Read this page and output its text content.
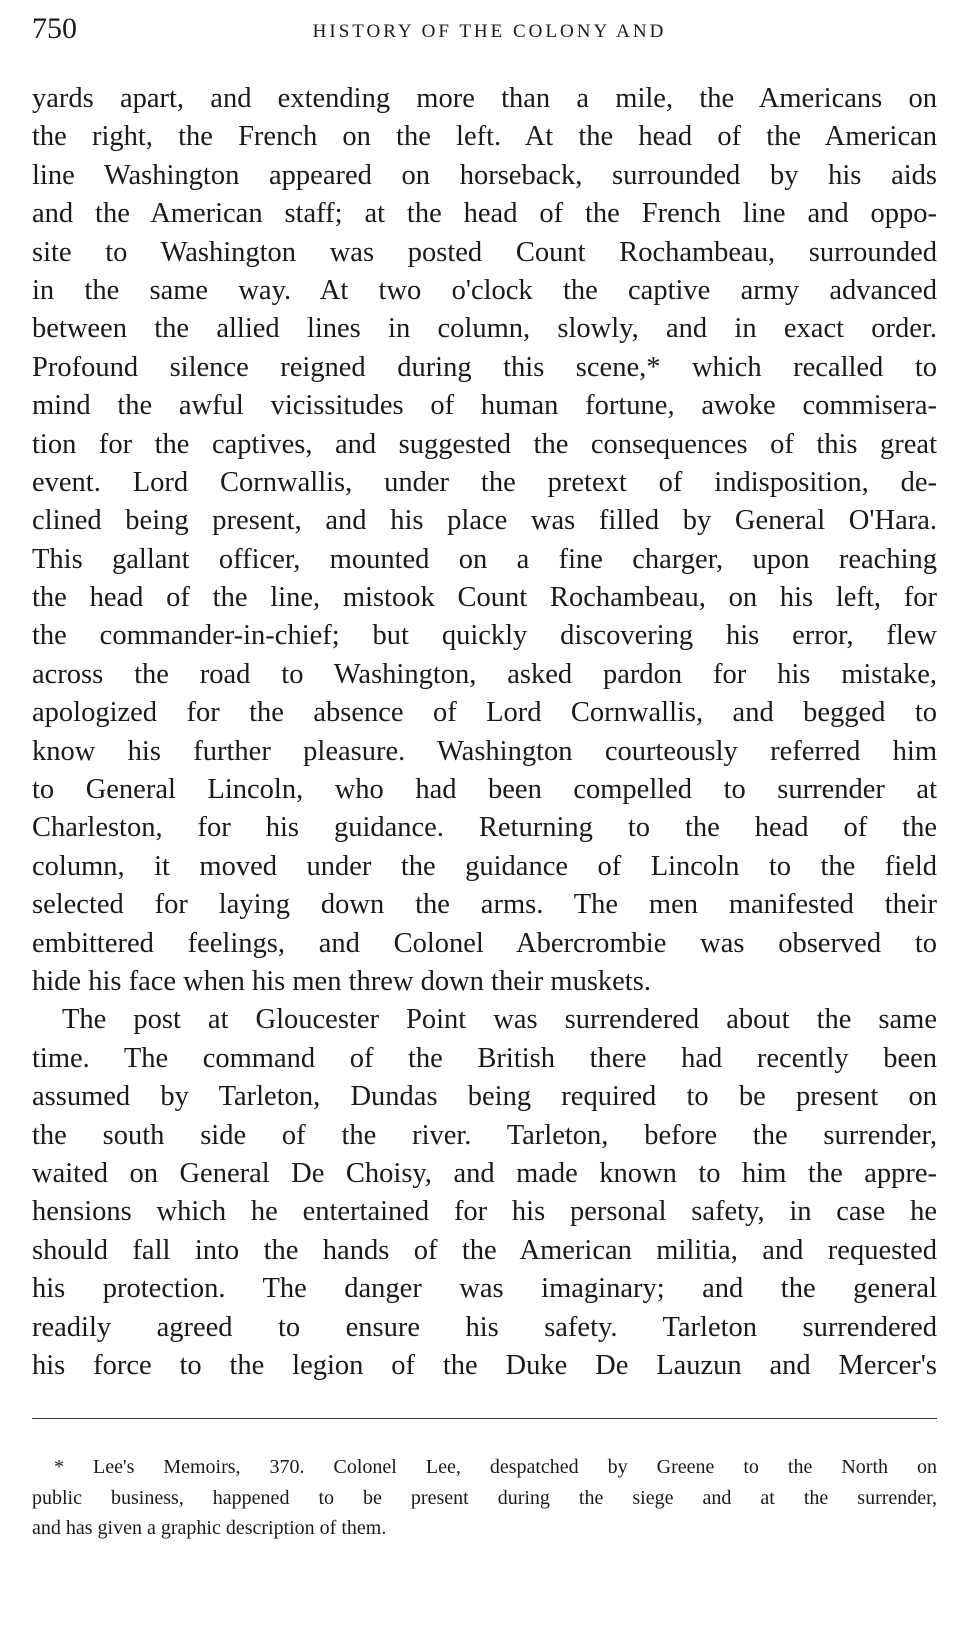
750	HISTORY OF THE COLONY AND
yards apart, and extending more than a mile, the Americans on
the right, the French on the left. At the head of the American
line Washington appeared on horseback, surrounded by his aids
and the American staff; at the head of the French line and oppo-
site to Washington was posted Count Rochambeau, surrounded
in the same way. At two o'clock the captive army advanced
between the allied lines in column, slowly, and in exact order.
Profound silence reigned during this scene,* which recalled to
mind the awful vicissitudes of human fortune, awoke commisera-
tion for the captives, and suggested the consequences of this great
event. Lord Cornwallis, under the pretext of indisposition, de-
clined being present, and his place was filled by General O'Hara.
This gallant officer, mounted on a fine charger, upon reaching
the head of the line, mistook Count Rochambeau, on his left, for
the commander-in-chief; but quickly discovering his error, flew
across the road to Washington, asked pardon for his mistake,
apologized for the absence of Lord Cornwallis, and begged to
know his further pleasure. Washington courteously referred him
to General Lincoln, who had been compelled to surrender at
Charleston, for his guidance. Returning to the head of the
column, it moved under the guidance of Lincoln to the field
selected for laying down the arms. The men manifested their
embittered feelings, and Colonel Abercrombie was observed to
hide his face when his men threw down their muskets.
The post at Gloucester Point was surrendered about the same
time. The command of the British there had recently been
assumed by Tarleton, Dundas being required to be present on
the south side of the river. Tarleton, before the surrender,
waited on General De Choisy, and made known to him the appre-
hensions which he entertained for his personal safety, in case he
should fall into the hands of the American militia, and requested
his protection. The danger was imaginary; and the general
readily agreed to ensure his safety. Tarleton surrendered
his force to the legion of the Duke De Lauzun and Mercer's
* Lee's Memoirs, 370. Colonel Lee, despatched by Greene to the North on
public business, happened to be present during the siege and at the surrender,
and has given a graphic description of them.
